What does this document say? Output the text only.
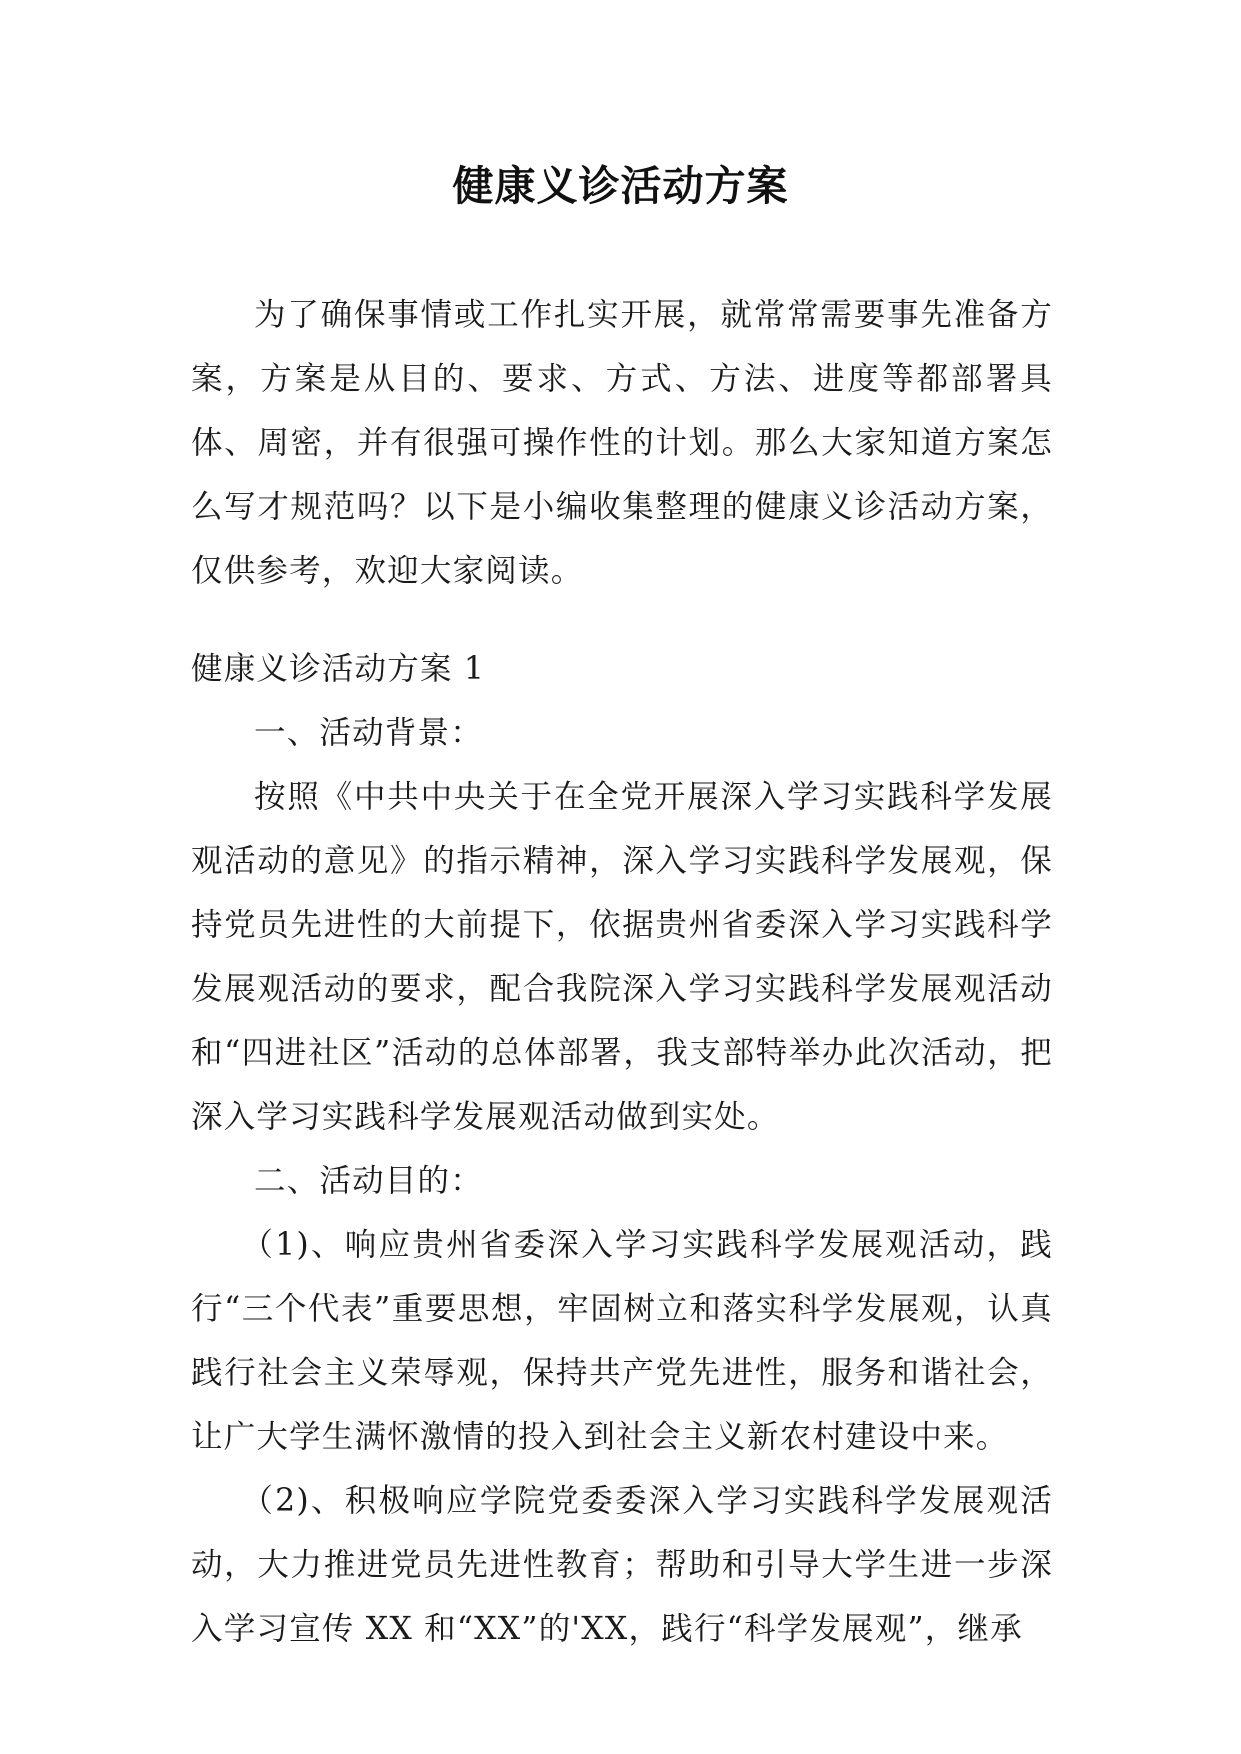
健康义诊活动方案

为了确保事情或工作扎实开展，就常常需要事先准备方案，方案是从目的、要求、方式、方法、进度等都部署具体、周密，并有很强可操作性的计划。那么大家知道方案怎么写才规范吗？以下是小编收集整理的健康义诊活动方案，仅供参考，欢迎大家阅读。

健康义诊活动方案 1

一、活动背景：

按照《中共中央关于在全党开展深入学习实践科学发展观活动的意见》的指示精神，深入学习实践科学发展观，保持党员先进性的大前提下，依据贵州省委深入学习实践科学发展观活动的要求，配合我院深入学习实践科学发展观活动和“四进社区”活动的总体部署，我支部特举办此次活动，把深入学习实践科学发展观活动做到实处。

二、活动目的：

（1)、响应贵州省委深入学习实践科学发展观活动，践行“三个代表”重要思想，牢固树立和落实科学发展观，认真践行社会主义荣辱观，保持共产党先进性，服务和谐社会，让广大学生满怀激情的投入到社会主义新农村建设中来。

（2)、积极响应学院党委委深入学习实践科学发展观活动，大力推进党员先进性教育；帮助和引导大学生进一步深入学习宣传 XX 和“XX”的'XX，践行“科学发展观”，继承
